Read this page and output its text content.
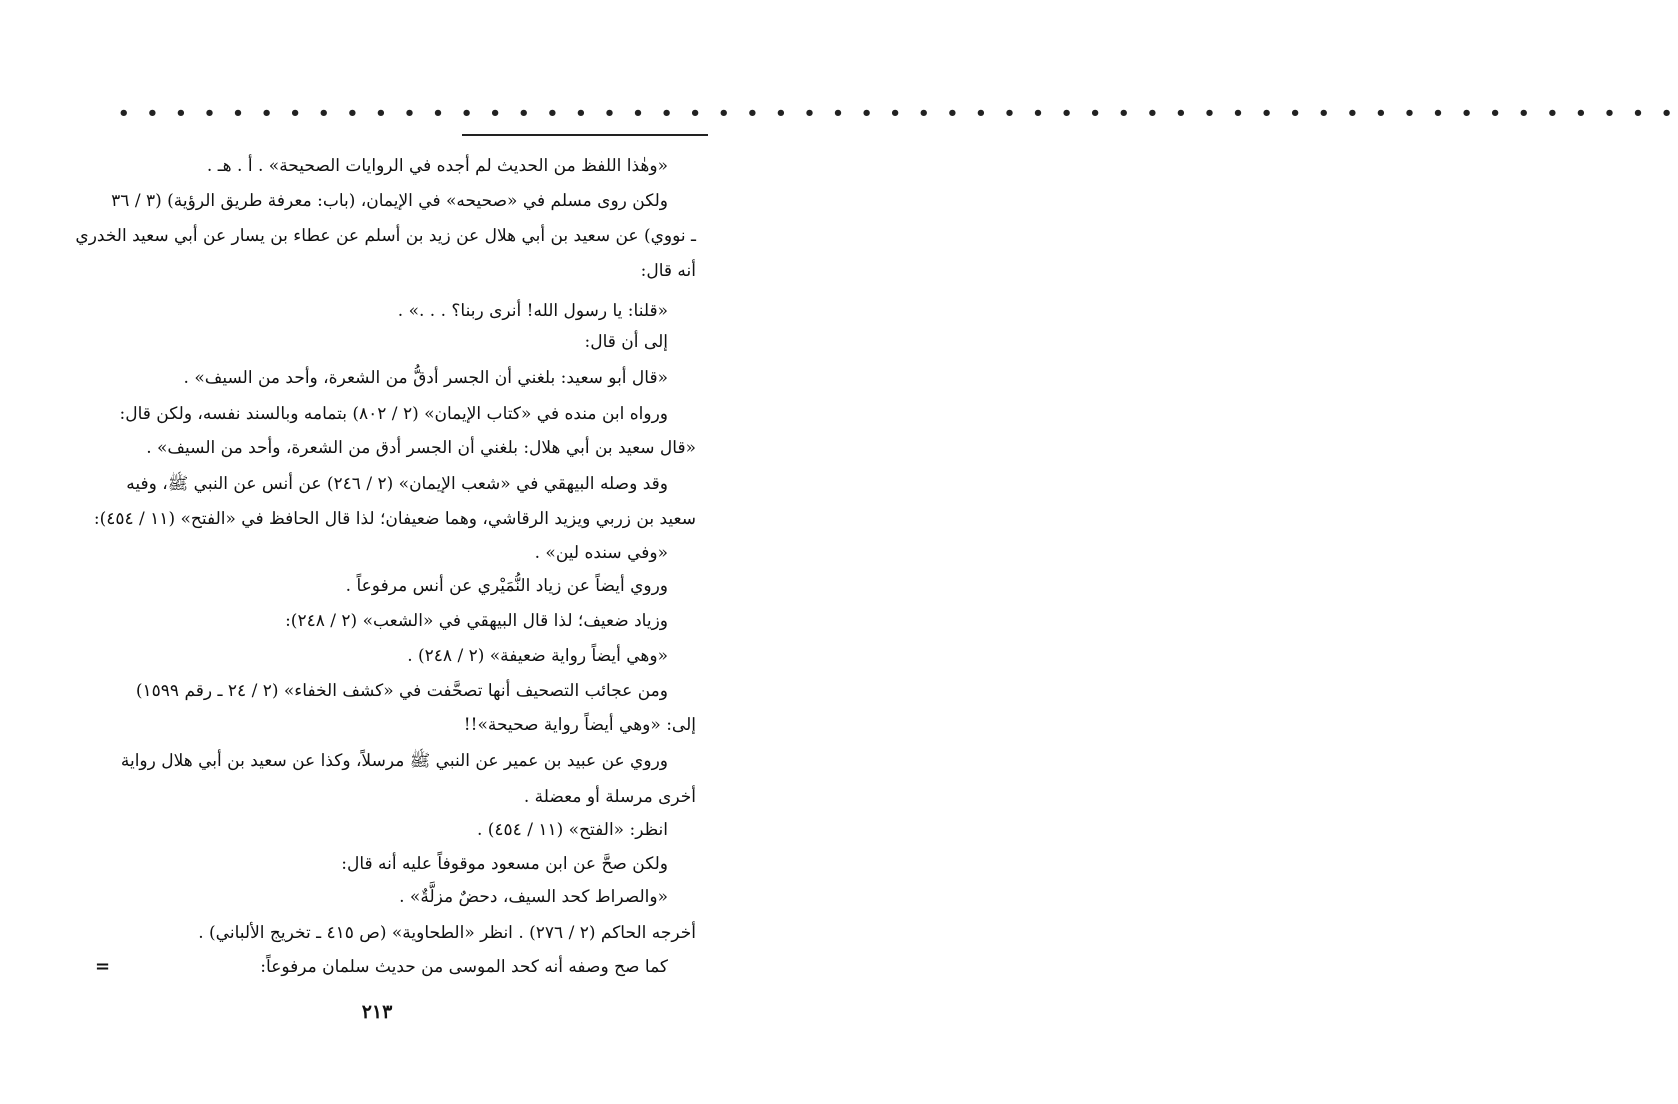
• • • • • • • • • • • • • • • • • • • • • • • • • • • • • • • • • • • • • • • • • • • • • • • • • • • • • • •
«وهٰذا اللفظ من الحديث لم أجده في الروايات الصحيحة» . أ . هـ .
ولكن روى مسلم في «صحيحه» في الإيمان، (باب: معرفة طريق الرؤية) (٣ / ٣٦
ـ نووي) عن سعيد بن أبي هلال عن زيد بن أسلم عن عطاء بن يسار عن أبي سعيد الخدري
أنه قال:
«قلنا: يا رسول الله! أنرى ربنا؟ . . .» .
إلى أن قال:
«قال أبو سعيد: بلغني أن الجسر أدقُّ من الشعرة، وأحد من السيف» .
ورواه ابن منده في «كتاب الإيمان» (٢ / ٨٠٢) بتمامه وبالسند نفسه، ولكن قال:
«قال سعيد بن أبي هلال: بلغني أن الجسر أدق من الشعرة، وأحد من السيف» .
وقد وصله البيهقي في «شعب الإيمان» (٢ / ٢٤٦) عن أنس عن النبي ﷺ، وفيه
سعيد بن زربي ويزيد الرقاشي، وهما ضعيفان؛ لذا قال الحافظ في «الفتح» (١١ / ٤٥٤):
«وفي سنده لين» .
وروي أيضاً عن زياد النُّمَيْري عن أنس مرفوعاً .
وزياد ضعيف؛ لذا قال البيهقي في «الشعب» (٢ / ٢٤٨):
«وهي أيضاً رواية ضعيفة» (٢ / ٢٤٨) .
ومن عجائب التصحيف أنها تصحَّفت في «كشف الخفاء» (٢ / ٢٤ ـ رقم ١٥٩٩)
إلى: «وهي أيضاً رواية صحيحة»!!
وروي عن عبيد بن عمير عن النبي ﷺ مرسلاً، وكذا عن سعيد بن أبي هلال رواية
أخرى مرسلة أو معضلة .
انظر: «الفتح» (١١ / ٤٥٤) .
ولكن صحَّ عن ابن مسعود موقوفاً عليه أنه قال:
«والصراط كحد السيف، دحضٌ مزلَّةٌ» .
أخرجه الحاكم (٢ / ٢٧٦) . انظر «الطحاوية» (ص ٤١٥ ـ تخريج الألباني) .
كما صح وصفه أنه كحد الموسى من حديث سلمان مرفوعاً:
=
٢١٣
